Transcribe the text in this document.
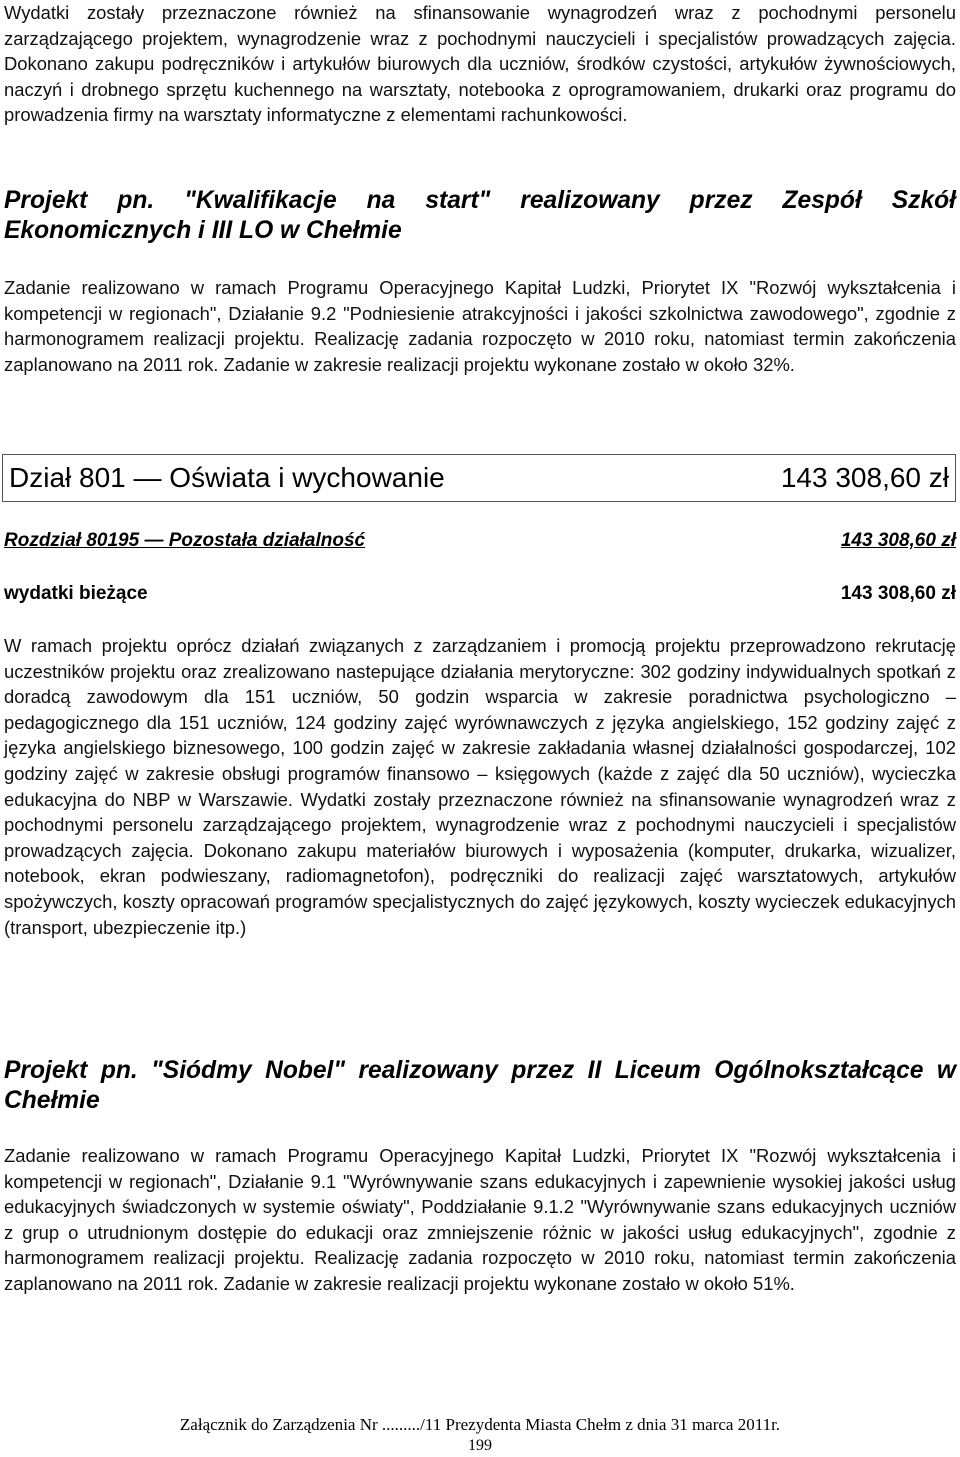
Wydatki zostały przeznaczone również na sfinansowanie wynagrodzeń wraz z pochodnymi personelu zarządzającego projektem, wynagrodzenie wraz z pochodnymi nauczycieli i specjalistów prowadzących zajęcia. Dokonano zakupu podręczników i artykułów biurowych dla uczniów, środków czystości, artykułów żywnościowych, naczyń i drobnego sprzętu kuchennego na warsztaty, notebooka z oprogramowaniem, drukarki oraz programu do prowadzenia firmy na warsztaty informatyczne z elementami rachunkowości.

Projekt pn. "Kwalifikacje na start" realizowany przez Zespół Szkół Ekonomicznych i III LO w Chełmie

Zadanie realizowano w ramach Programu Operacyjnego Kapitał Ludzki, Priorytet IX "Rozwój wykształcenia i kompetencji w regionach", Działanie 9.2 "Podniesienie atrakcyjności i jakości szkolnictwa zawodowego", zgodnie z harmonogramem realizacji projektu. Realizację zadania rozpoczęto w 2010 roku, natomiast termin zakończenia zaplanowano na 2011 rok. Zadanie w zakresie realizacji projektu wykonane zostało w około 32%.

Dział 801 — Oświata i wychowanie	143 308,60 zł
Rozdział 80195 — Pozostała działalność	143 308,60 zł
wydatki bieżące	143 308,60 zł

W ramach projektu oprócz działań związanych z zarządzaniem i promocją projektu przeprowadzono rekrutację uczestników projektu oraz zrealizowano nastepujące działania merytoryczne: 302 godziny indywidualnych spotkań z doradcą zawodowym dla 151 uczniów, 50 godzin wsparcia w zakresie poradnictwa psychologiczno – pedagogicznego dla 151 uczniów, 124 godziny zajęć wyrównawczych z języka angielskiego, 152 godziny zajęć z języka angielskiego biznesowego, 100 godzin zajęć w zakresie zakładania własnej działalności gospodarczej, 102 godziny zajęć w zakresie obsługi programów finansowo – księgowych (każde z zajęć dla 50 uczniów), wycieczka edukacyjna do NBP w Warszawie. Wydatki zostały przeznaczone również na sfinansowanie wynagrodzeń wraz z pochodnymi personelu zarządzającego projektem, wynagrodzenie wraz z pochodnymi nauczycieli i specjalistów prowadzących zajęcia. Dokonano zakupu materiałów biurowych i wyposażenia (komputer, drukarka, wizualizer, notebook, ekran podwieszany, radiomagnetofon), podręczniki do realizacji zajęć warsztatowych, artykułów spożywczych, koszty opracowań programów specjalistycznych do zajęć językowych, koszty wycieczek edukacyjnych (transport, ubezpieczenie itp.)

Projekt pn. "Siódmy Nobel" realizowany przez II Liceum Ogólnokształcące w Chełmie

Zadanie realizowano w ramach Programu Operacyjnego Kapitał Ludzki, Priorytet IX "Rozwój wykształcenia i kompetencji w regionach", Działanie 9.1 "Wyrównywanie szans edukacyjnych i zapewnienie wysokiej jakości usług edukacyjnych świadczonych w systemie oświaty", Poddziałanie 9.1.2 "Wyrównywanie szans edukacyjnych uczniów z grup o utrudnionym dostępie do edukacji oraz zmniejszenie różnic w jakości usług edukacyjnych", zgodnie z harmonogramem realizacji projektu. Realizację zadania rozpoczęto w 2010 roku, natomiast termin zakończenia zaplanowano na 2011 rok. Zadanie w zakresie realizacji projektu wykonane zostało w około 51%.

Załącznik do Zarządzenia Nr ........./11 Prezydenta Miasta Chełm z dnia 31 marca 2011r.
199
